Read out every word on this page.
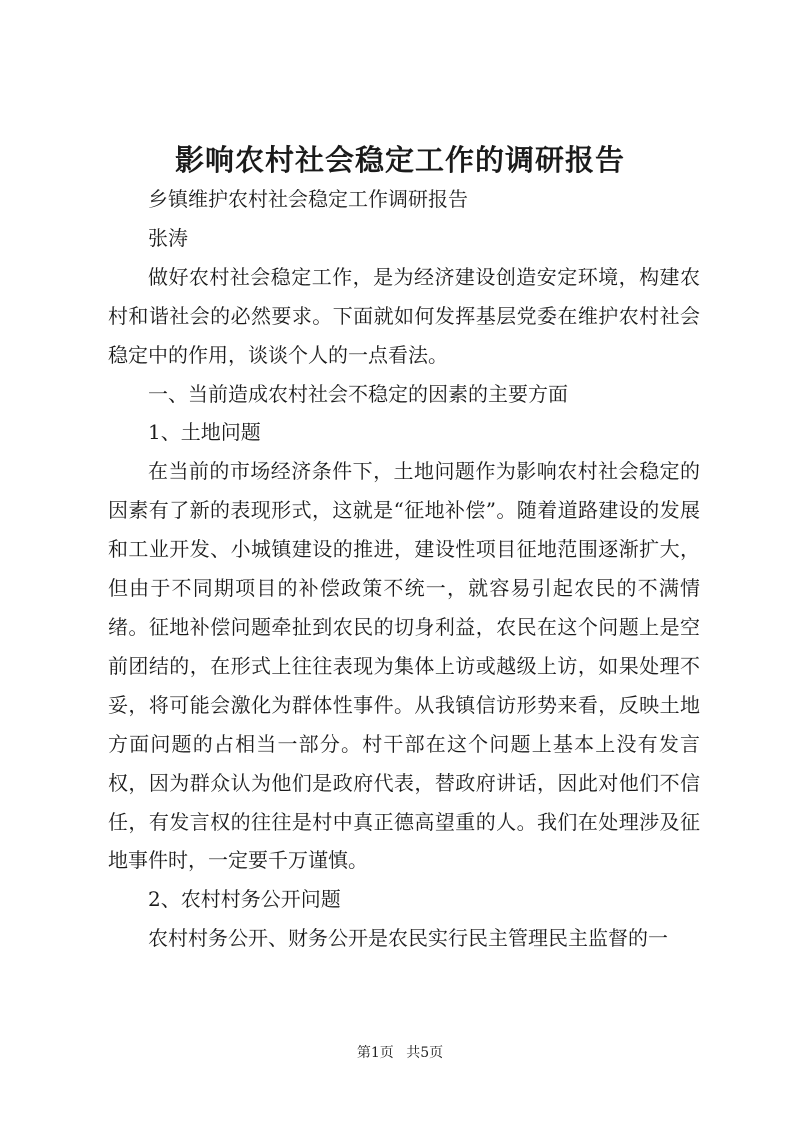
影响农村社会稳定工作的调研报告

乡镇维护农村社会稳定工作调研报告

张涛

做好农村社会稳定工作，是为经济建设创造安定环境，构建农村和谐社会的必然要求。下面就如何发挥基层党委在维护农村社会稳定中的作用，谈谈个人的一点看法。

一、当前造成农村社会不稳定的因素的主要方面

1、土地问题

在当前的市场经济条件下，土地问题作为影响农村社会稳定的因素有了新的表现形式，这就是“征地补偿”。随着道路建设的发展和工业开发、小城镇建设的推进，建设性项目征地范围逐渐扩大，但由于不同期项目的补偿政策不统一，就容易引起农民的不满情绪。征地补偿问题牵扯到农民的切身利益，农民在这个问题上是空前团结的，在形式上往往表现为集体上访或越级上访，如果处理不妥，将可能会激化为群体性事件。从我镇信访形势来看，反映土地方面问题的占相当一部分。村干部在这个问题上基本上没有发言权，因为群众认为他们是政府代表，替政府讲话，因此对他们不信任，有发言权的往往是村中真正德高望重的人。我们在处理涉及征地事件时，一定要千万谨慎。

2、农村村务公开问题

农村村务公开、财务公开是农民实行民主管理民主监督的一

第1页 共5页
